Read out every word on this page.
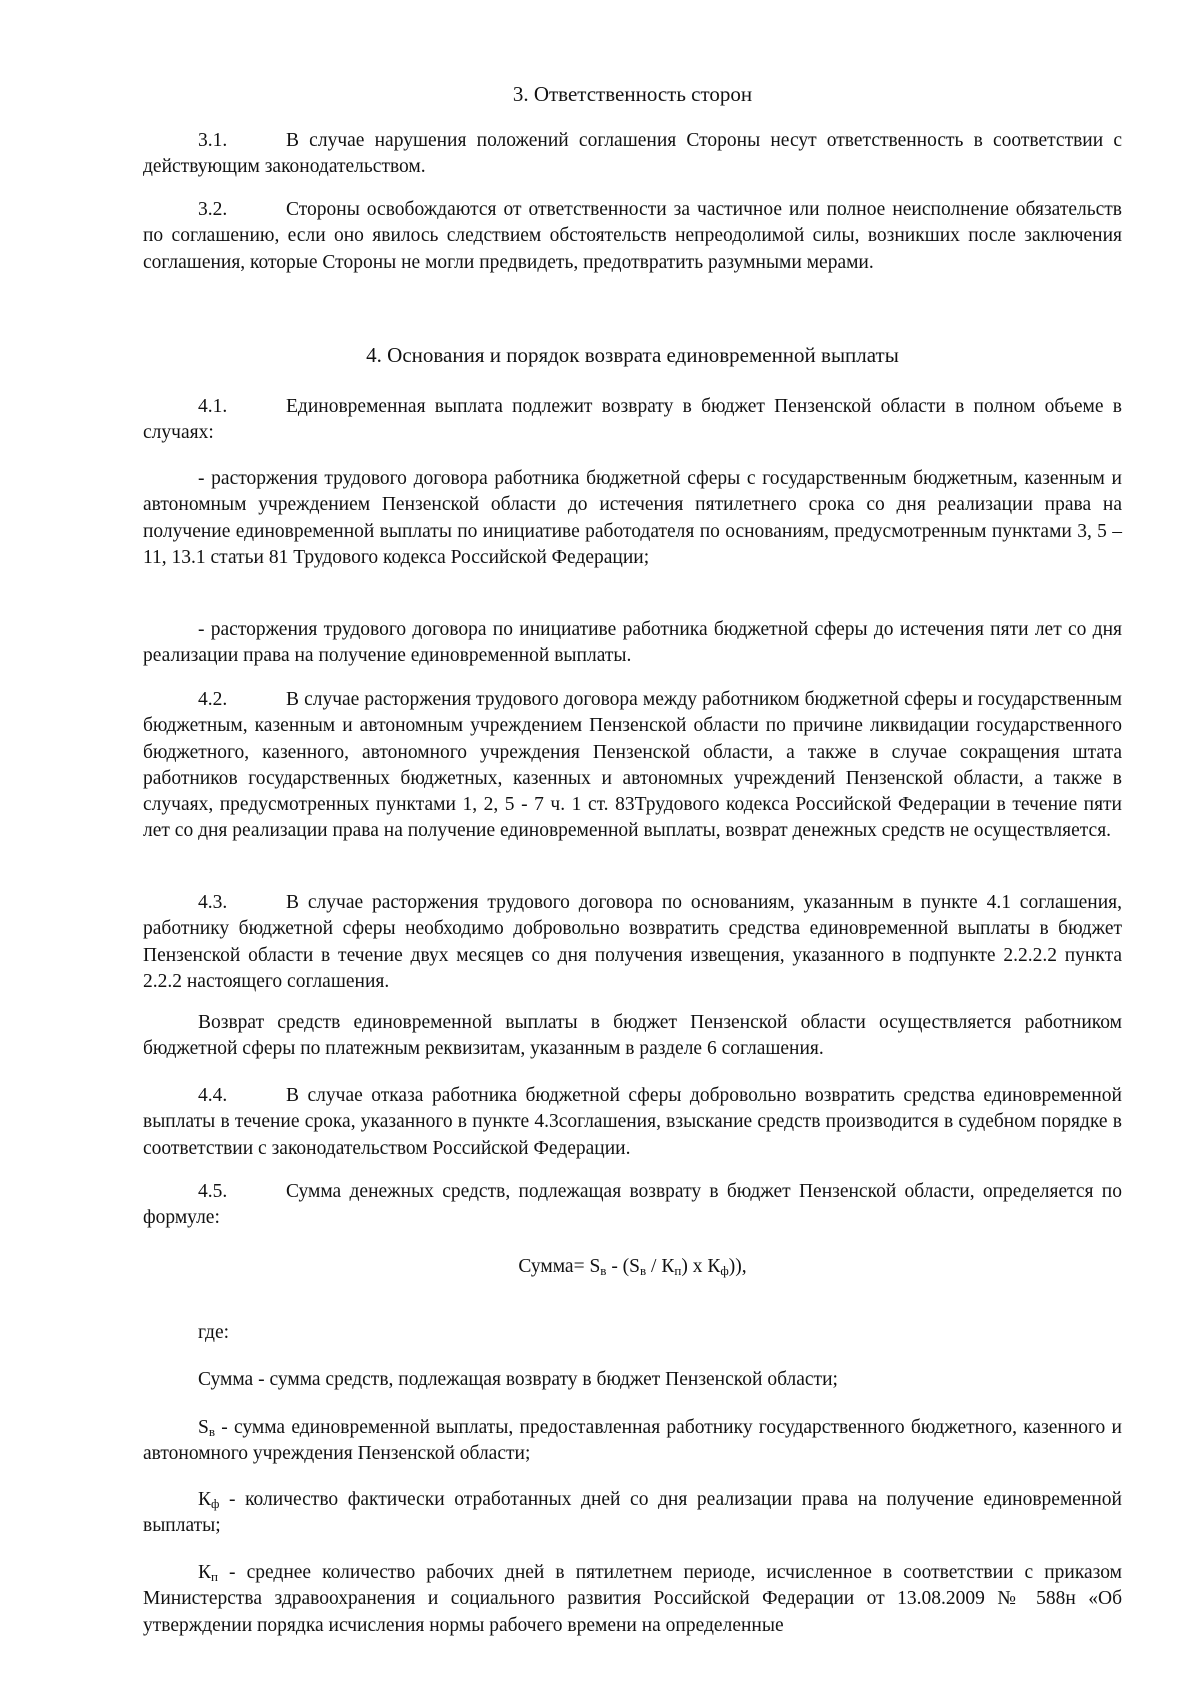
3. Ответственность сторон

3.1.	В случае нарушения положений соглашения Стороны несут ответственность в соответствии с действующим законодательством.

3.2.	Стороны освобождаются от ответственности за частичное или полное неисполнение обязательств по соглашению, если оно явилось следствием обстоятельств непреодолимой силы, возникших после заключения соглашения, которые Стороны не могли предвидеть, предотвратить разумными мерами.

4. Основания и порядок возврата единовременной выплаты

4.1.	Единовременная выплата подлежит возврату в бюджет Пензенской области в полном объеме в случаях:

- расторжения трудового договора работника бюджетной сферы с государственным бюджетным, казенным и автономным учреждением Пензенской области до истечения пятилетнего срока со дня реализации права на получение единовременной выплаты по инициативе работодателя по основаниям, предусмотренным пунктами 3, 5 – 11, 13.1 статьи 81 Трудового кодекса Российской Федерации;

- расторжения трудового договора по инициативе работника бюджетной сферы до истечения пяти лет со дня реализации права на получение единовременной выплаты.

4.2.	В случае расторжения трудового договора между работником бюджетной сферы и государственным бюджетным, казенным и автономным учреждением Пензенской области по причине ликвидации государственного бюджетного, казенного, автономного учреждения Пензенской области, а также в случае сокращения штата работников государственных бюджетных, казенных и автономных учреждений Пензенской области, а также в случаях, предусмотренных пунктами 1, 2, 5 - 7 ч. 1 ст. 83Трудового кодекса Российской Федерации в течение пяти лет со дня реализации права на получение единовременной выплаты, возврат денежных средств не осуществляется.

4.3.	В случае расторжения трудового договора по основаниям, указанным в пункте 4.1 соглашения, работнику бюджетной сферы необходимо добровольно возвратить средства единовременной выплаты в бюджет Пензенской области в течение двух месяцев со дня получения извещения, указанного в подпункте 2.2.2.2 пункта 2.2.2 настоящего соглашения.

Возврат средств единовременной выплаты в бюджет Пензенской области осуществляется работником бюджетной сферы по платежным реквизитам, указанным в разделе 6 соглашения.

4.4.	В случае отказа работника бюджетной сферы добровольно возвратить средства единовременной выплаты в течение срока, указанного в пункте 4.3соглашения, взыскание средств производится в судебном порядке в соответствии с законодательством Российской Федерации.

4.5.	Сумма денежных средств, подлежащая возврату в бюджет Пензенской области, определяется по формуле:

Сумма= $S_в - (S_в / К_п)$ х $К_ф$)),

где:

Сумма - сумма средств, подлежащая возврату в бюджет Пензенской области;

$S_в$ - сумма единовременной выплаты, предоставленная работнику государственного бюджетного, казенного и автономного учреждения Пензенской области;

$К_ф$ - количество фактически отработанных дней со дня реализации права на получение единовременной выплаты;

$К_п$ - среднее количество рабочих дней в пятилетнем периоде, исчисленное в соответствии с приказом Министерства здравоохранения и социального развития Российской Федерации от 13.08.2009 № 588н «Об утверждении порядка исчисления нормы рабочего времени на определенные
